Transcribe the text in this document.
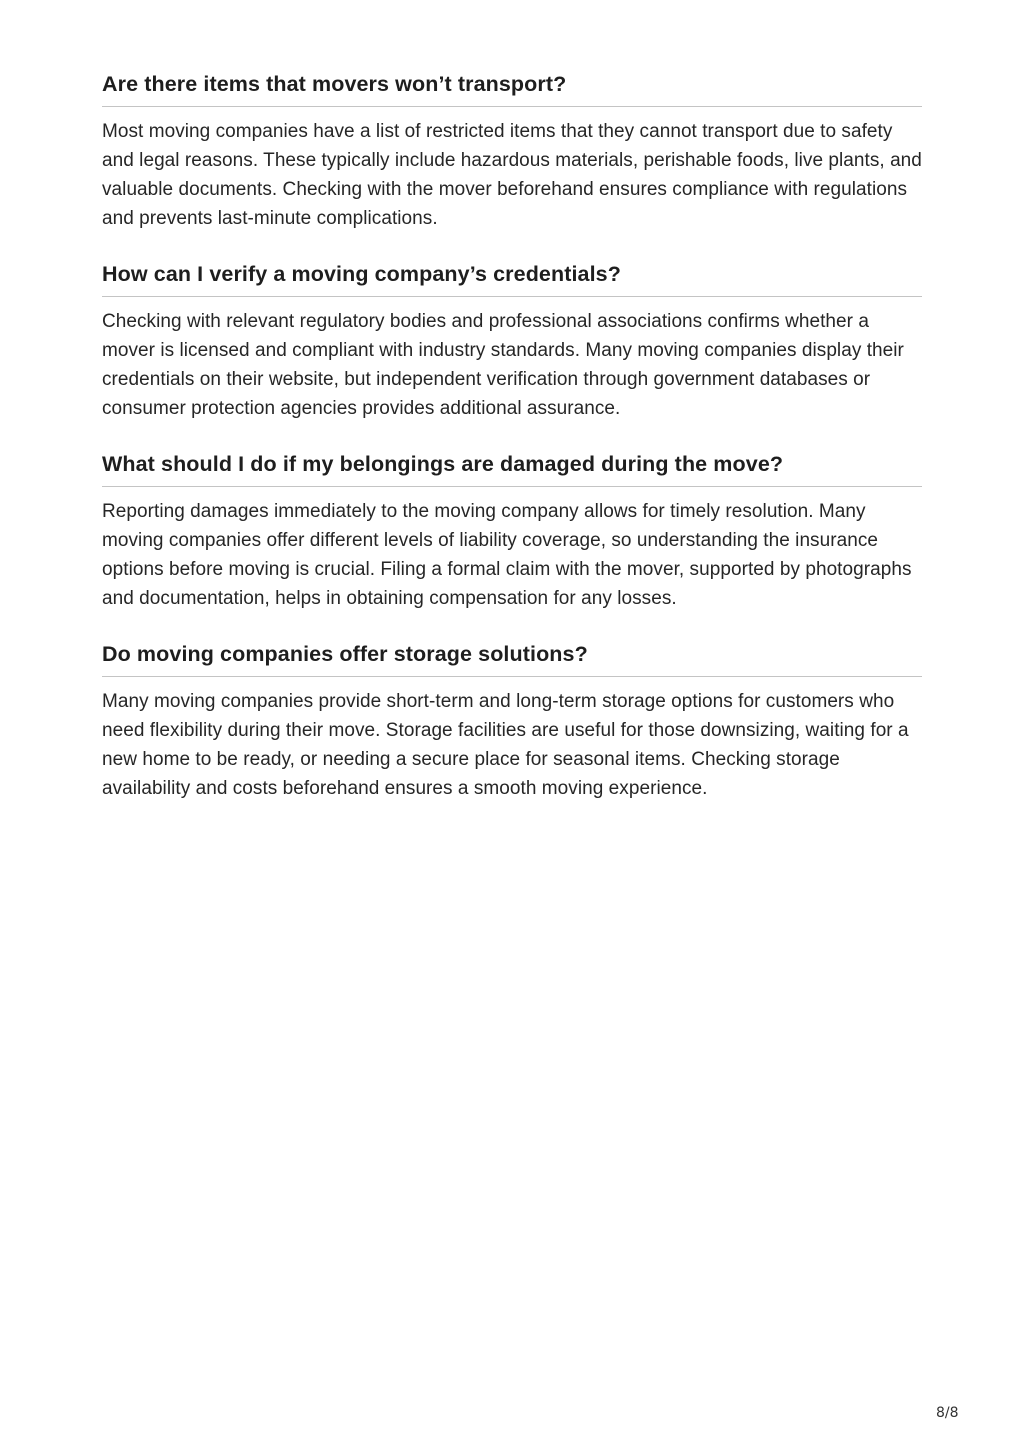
Are there items that movers won’t transport?

Most moving companies have a list of restricted items that they cannot transport due to safety and legal reasons. These typically include hazardous materials, perishable foods, live plants, and valuable documents. Checking with the mover beforehand ensures compliance with regulations and prevents last-minute complications.

How can I verify a moving company’s credentials?

Checking with relevant regulatory bodies and professional associations confirms whether a mover is licensed and compliant with industry standards. Many moving companies display their credentials on their website, but independent verification through government databases or consumer protection agencies provides additional assurance.

What should I do if my belongings are damaged during the move?

Reporting damages immediately to the moving company allows for timely resolution. Many moving companies offer different levels of liability coverage, so understanding the insurance options before moving is crucial. Filing a formal claim with the mover, supported by photographs and documentation, helps in obtaining compensation for any losses.

Do moving companies offer storage solutions?

Many moving companies provide short-term and long-term storage options for customers who need flexibility during their move. Storage facilities are useful for those downsizing, waiting for a new home to be ready, or needing a secure place for seasonal items. Checking storage availability and costs beforehand ensures a smooth moving experience.

8/8
